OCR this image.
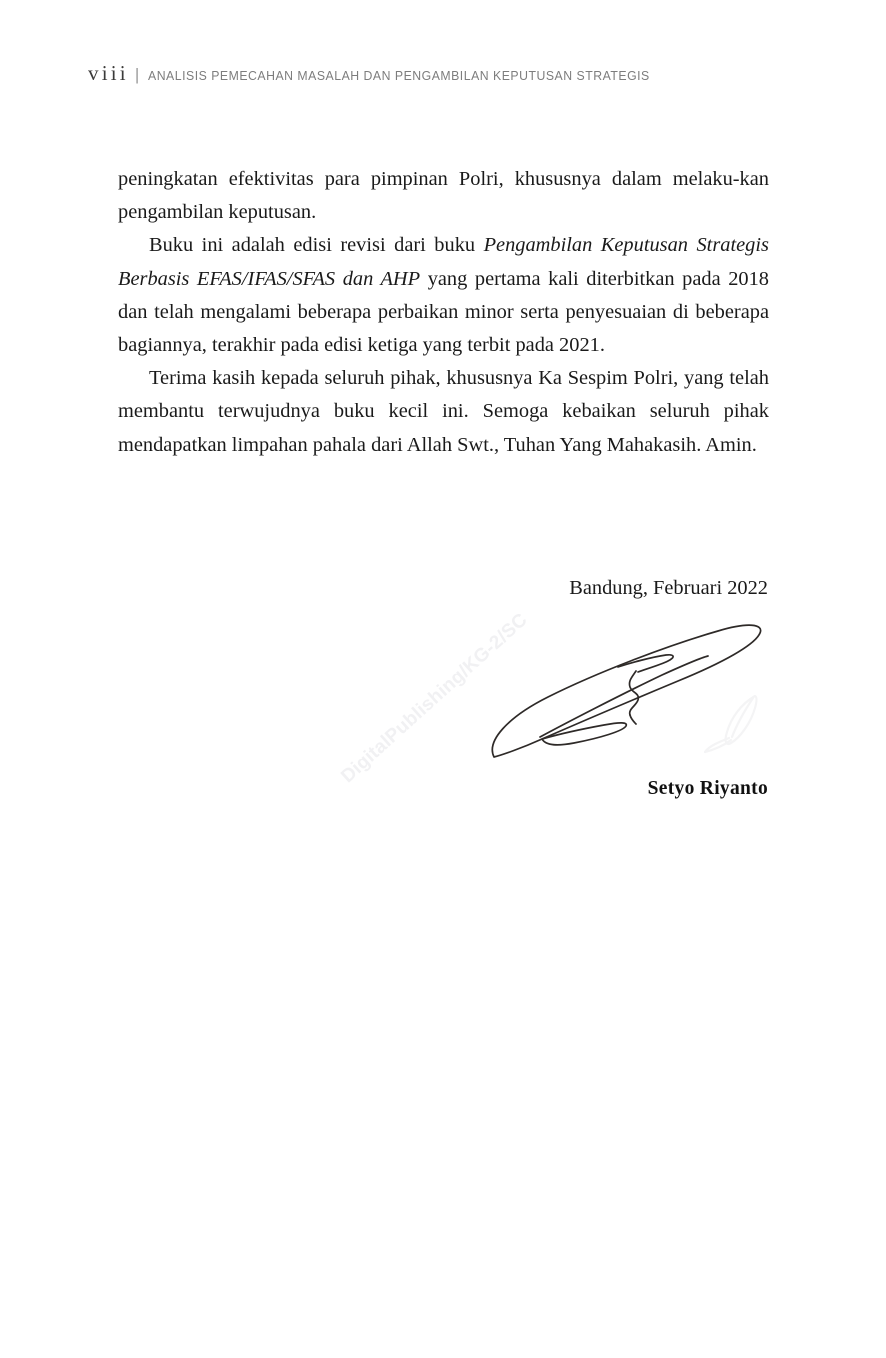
viii | ANALISIS PEMECAHAN MASALAH DAN PENGAMBILAN KEPUTUSAN STRATEGIS

peningkatan efektivitas para pimpinan Polri, khususnya dalam melaku-kan pengambilan keputusan.

Buku ini adalah edisi revisi dari buku Pengambilan Keputusan Strategis Berbasis EFAS/IFAS/SFAS dan AHP yang pertama kali diterbitkan pada 2018 dan telah mengalami beberapa perbaikan minor serta penyesuaian di beberapa bagiannya, terakhir pada edisi ketiga yang terbit pada 2021.

Terima kasih kepada seluruh pihak, khususnya Ka Sespim Polri, yang telah membantu terwujudnya buku kecil ini. Semoga kebaikan seluruh pihak mendapatkan limpahan pahala dari Allah Swt., Tuhan Yang Mahakasih. Amin.

Bandung, Februari 2022
Setyo Riyanto
DigitalPublishing/KG-2/SC
